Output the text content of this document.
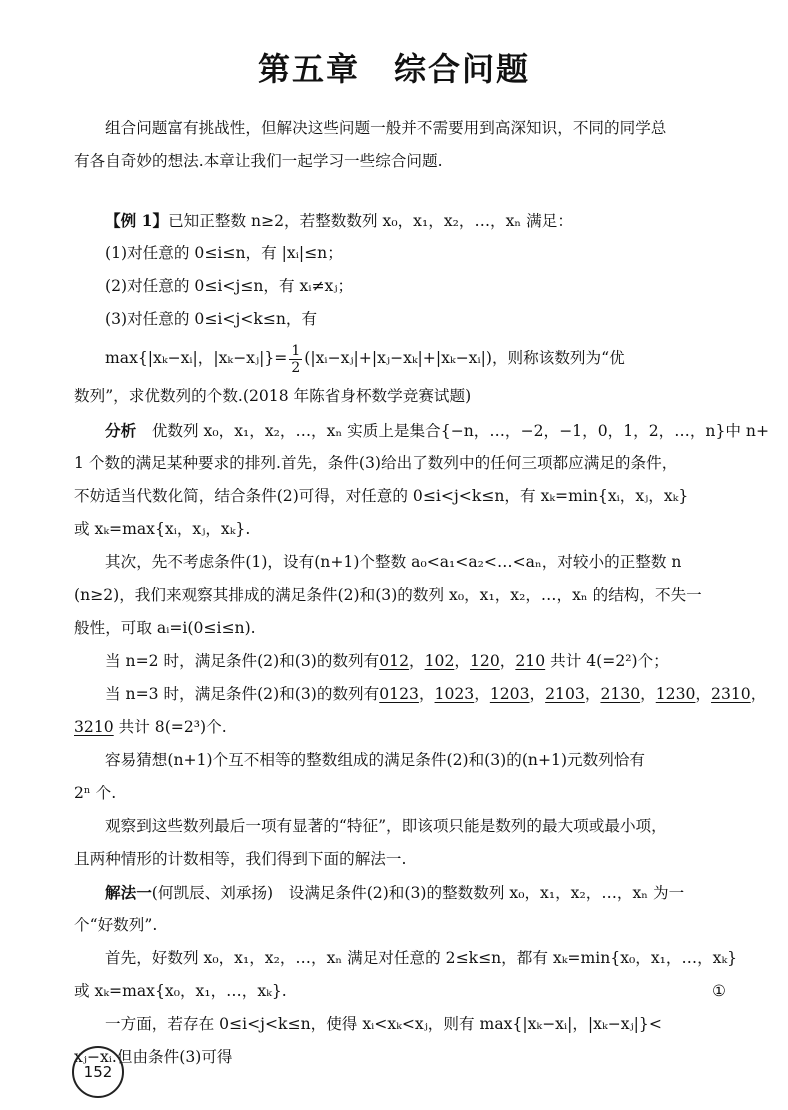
第五章　综合问题
组合问题富有挑战性，但解决这些问题一般并不需要用到高深知识，不同的同学总
有各自奇妙的想法.本章让我们一起学习一些综合问题.
【例 1】已知正整数 n≥2，若整数数列 x₀，x₁，x₂，…，xₙ 满足：
(1)对任意的 0≤i≤n，有 |xᵢ|≤n；
(2)对任意的 0≤i<j≤n，有 xᵢ≠xⱼ；
(3)对任意的 0≤i<j<k≤n，有
max{|xₖ−xᵢ|，|xₖ−xⱼ|}= $\frac{1}{2}$ (|xᵢ−xⱼ|+|xⱼ−xₖ|+|xₖ−xᵢ|)，则称该数列为“优
数列”，求优数列的个数.(2018 年陈省身杯数学竞赛试题)
分析　 优数列 x₀，x₁，x₂，…，xₙ 实质上是集合{−n，…，−2，−1，0，1，2，…，n}中 n+
1 个数的满足某种要求的排列.首先，条件(3)给出了数列中的任何三项都应满足的条件，
不妨适当代数化简，结合条件(2)可得，对任意的 0≤i<j<k≤n，有 xₖ=min{xᵢ，xⱼ，xₖ}
或 xₖ=max{xᵢ，xⱼ，xₖ}.
其次，先不考虑条件(1)，设有(n+1)个整数 a₀<a₁<a₂<…<aₙ，对较小的正整数 n
(n≥2)，我们来观察其排成的满足条件(2)和(3)的数列 x₀，x₁，x₂，…，xₙ 的结构，不失一
般性，可取 aᵢ=i(0≤i≤n).
当 n=2 时，满足条件(2)和(3)的数列有012，102，120，210 共计 4(=2²)个；
当 n=3 时，满足条件(2)和(3)的数列有0123，1023，1203，2103，2130，1230，2310，
3210 共计 8(=2³)个.
容易猜想(n+1)个互不相等的整数组成的满足条件(2)和(3)的(n+1)元数列恰有
2ⁿ 个.
观察到这些数列最后一项有显著的“特征”，即该项只能是数列的最大项或最小项，
且两种情形的计数相等，我们得到下面的解法一.
解法一(何凯辰、刘承扬)　 设满足条件(2)和(3)的整数数列 x₀，x₁，x₂，…，xₙ 为一
个“好数列”.
首先，好数列 x₀，x₁，x₂，…，xₙ 满足对任意的 2≤k≤n，都有 xₖ=min{x₀，x₁，…，xₖ}
或 xₖ=max{x₀，x₁，…，xₖ}.	①
一方面，若存在 0≤i<j<k≤n，使得 xᵢ<xₖ<xⱼ，则有 max{|xₖ−xᵢ|，|xₖ−xⱼ|}<
xⱼ−xᵢ.但由条件(3)可得
152
